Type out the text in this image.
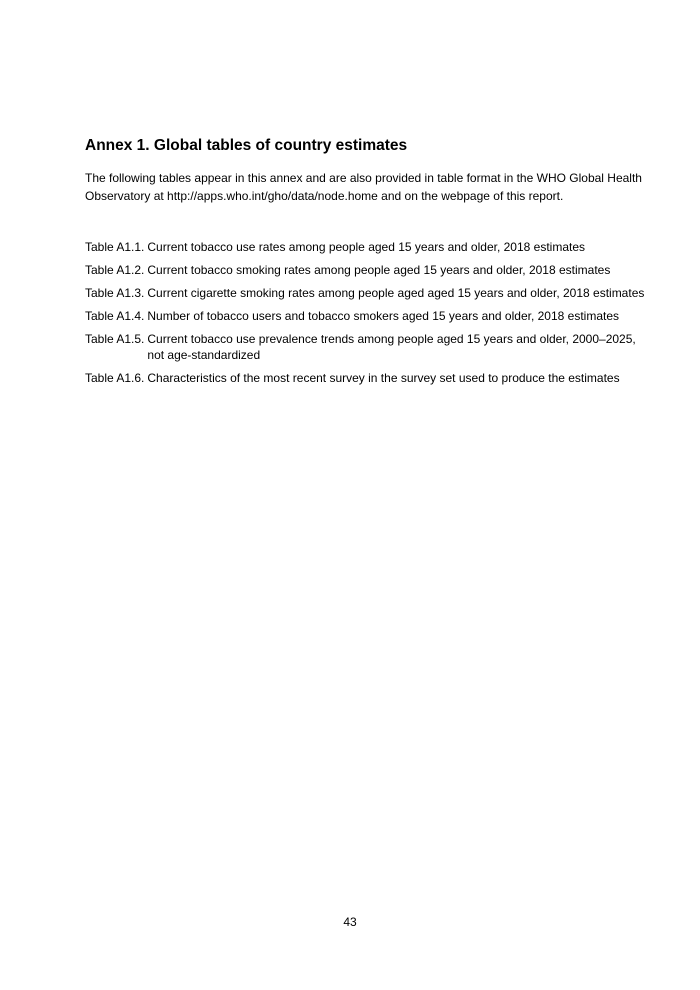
Annex 1. Global tables of country estimates

The following tables appear in this annex and are also provided in table format in the WHO Global Health Observatory at http://apps.who.int/gho/data/node.home and on the webpage of this report.

Table A1.1. Current tobacco use rates among people aged 15 years and older, 2018 estimates
Table A1.2. Current tobacco smoking rates among people aged 15 years and older, 2018 estimates
Table A1.3. Current cigarette smoking rates among people aged aged 15 years and older, 2018 estimates
Table A1.4. Number of tobacco users and tobacco smokers aged 15 years and older, 2018 estimates
Table A1.5. Current tobacco use prevalence trends among people aged 15 years and older, 2000–2025, not age-standardized
Table A1.6. Characteristics of the most recent survey in the survey set used to produce the estimates

43
